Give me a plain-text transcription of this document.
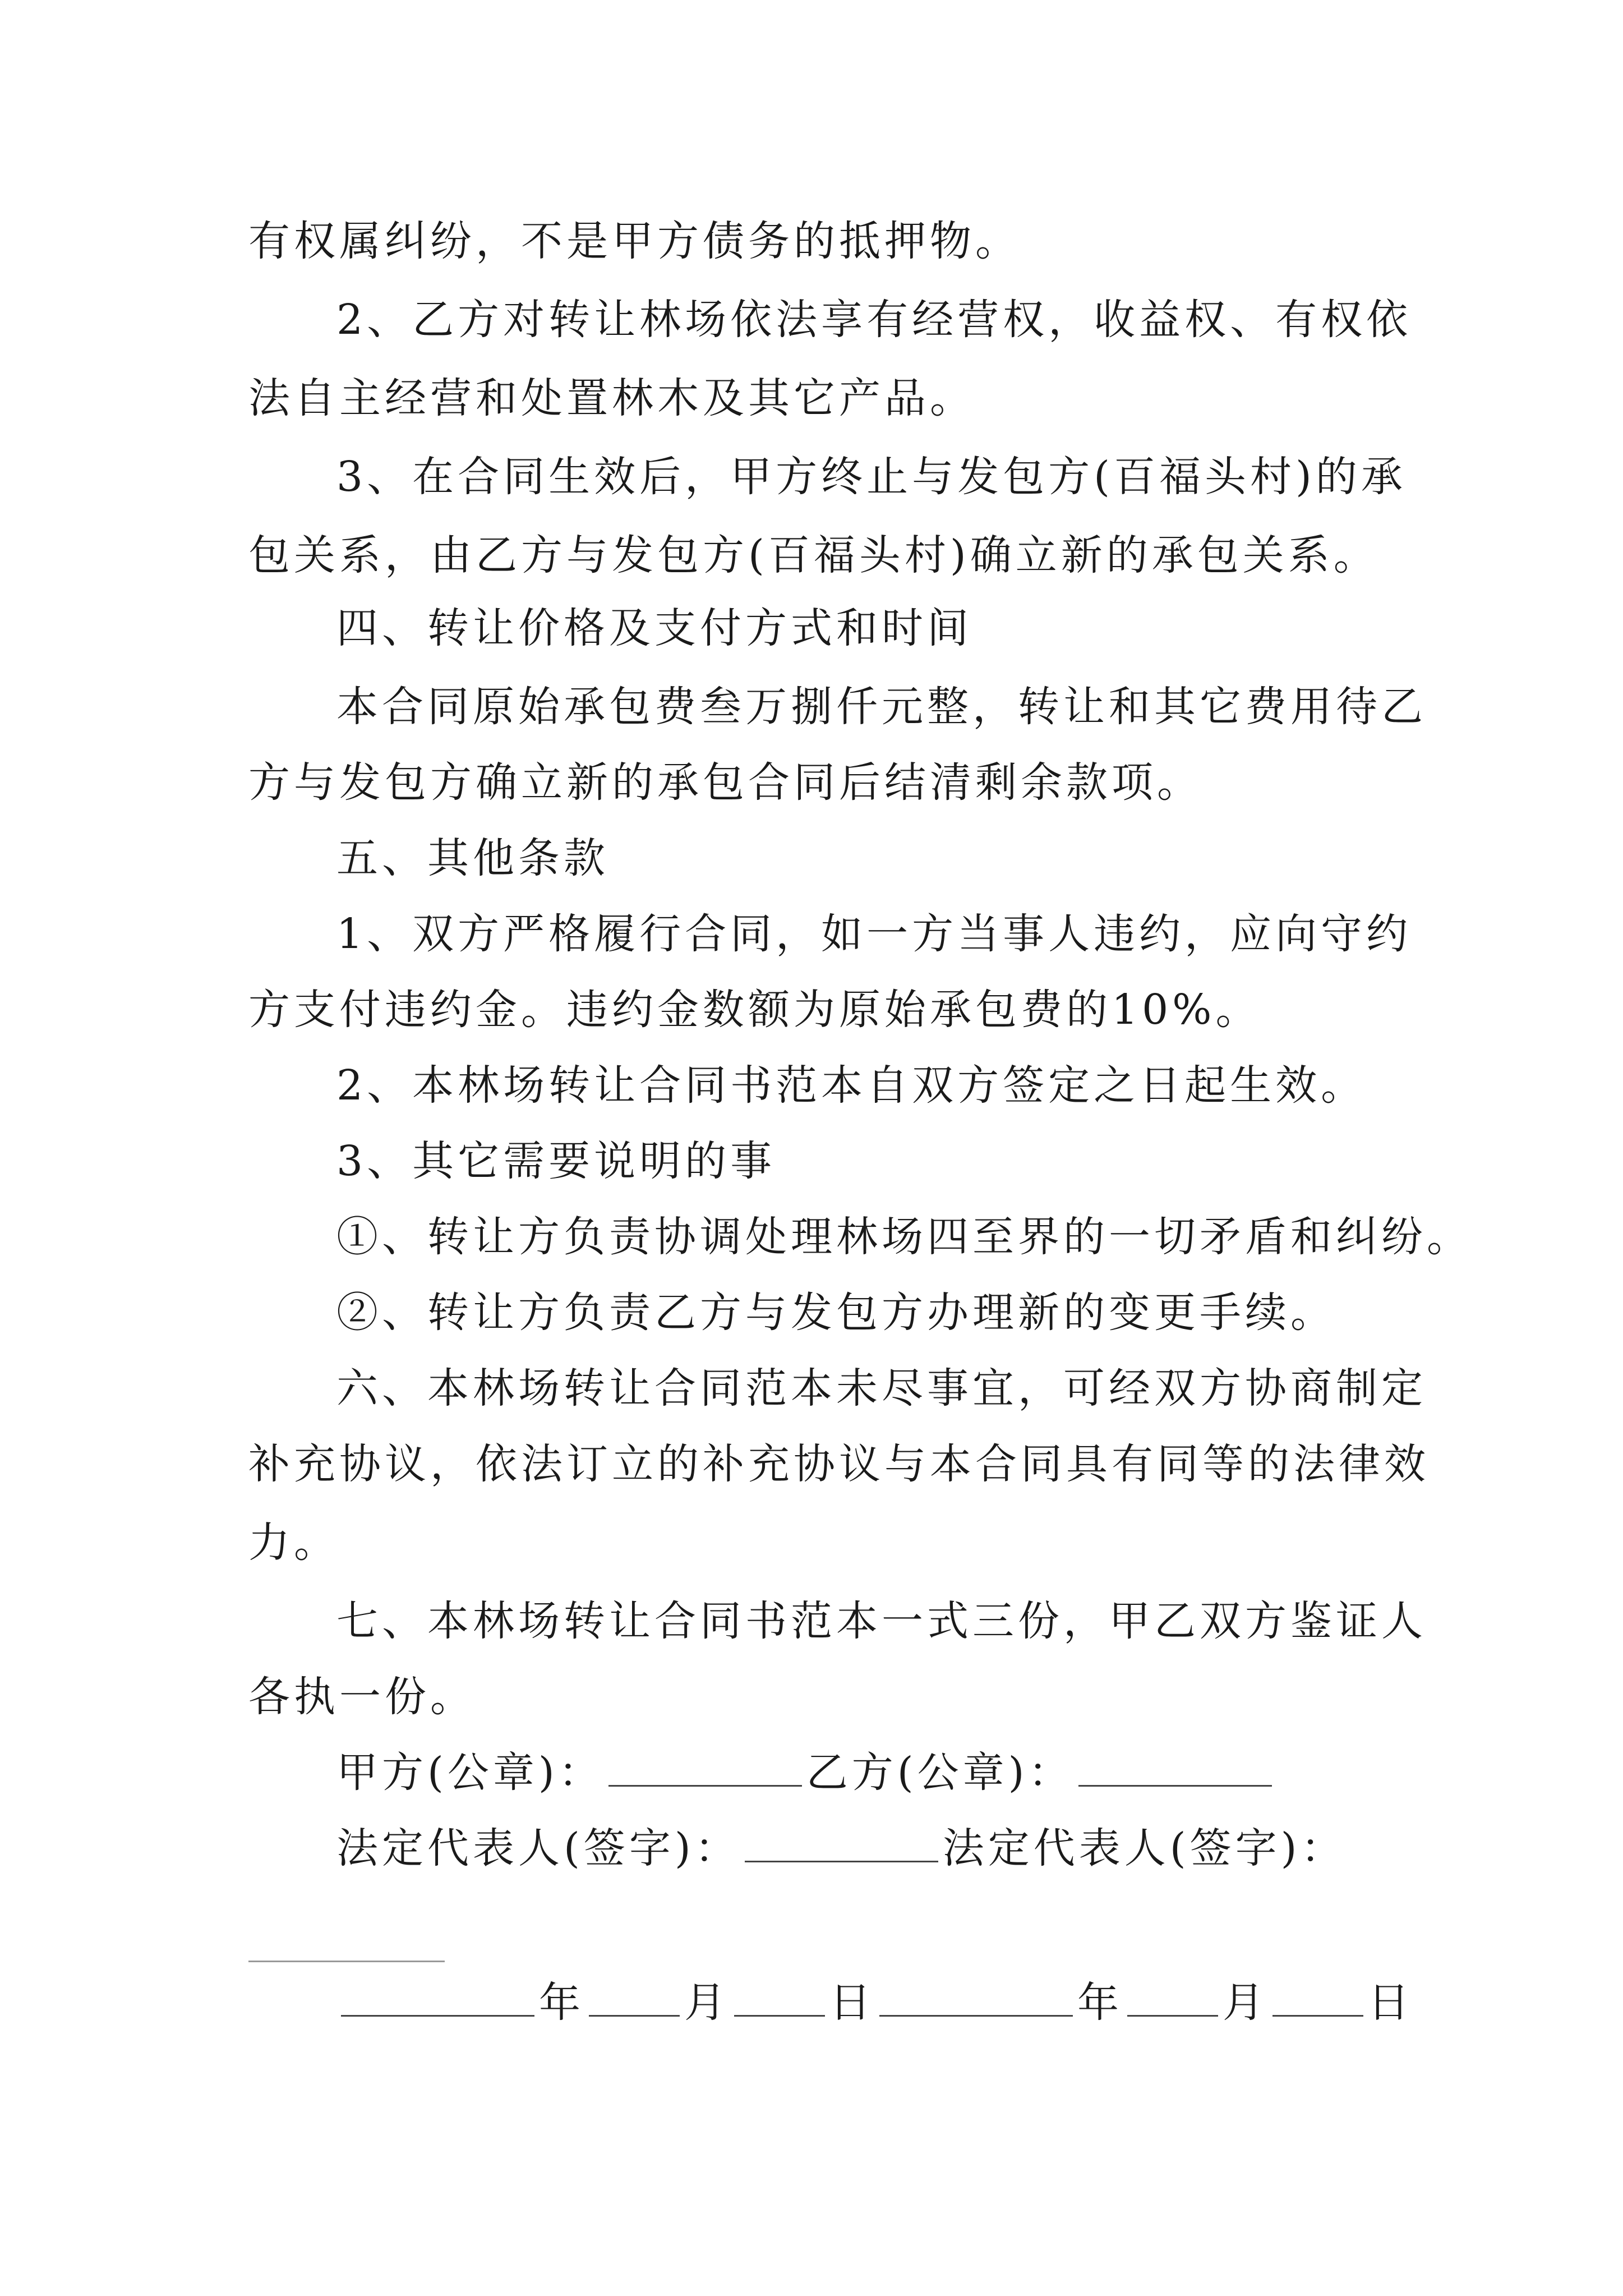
有权属纠纷，不是甲方债务的抵押物。
2、乙方对转让林场依法享有经营权，收益权、有权依
法自主经营和处置林木及其它产品。
3、在合同生效后，甲方终止与发包方(百福头村)的承
包关系，由乙方与发包方(百福头村)确立新的承包关系。
四、转让价格及支付方式和时间
本合同原始承包费叁万捌仟元整，转让和其它费用待乙
方与发包方确立新的承包合同后结清剩余款项。
五、其他条款
1、双方严格履行合同，如一方当事人违约，应向守约
方支付违约金。违约金数额为原始承包费的10%。
2、本林场转让合同书范本自双方签定之日起生效。
3、其它需要说明的事
①、转让方负责协调处理林场四至界的一切矛盾和纠纷。
②、转让方负责乙方与发包方办理新的变更手续。
六、本林场转让合同范本未尽事宜，可经双方协商制定
补充协议，依法订立的补充协议与本合同具有同等的法律效
力。
七、本林场转让合同书范本一式三份，甲乙双方鉴证人
各执一份。
甲方(公章)：	乙方(公章)：
法定代表人(签字)：	法定代表人(签字)：
年 月 日	年 月 日
